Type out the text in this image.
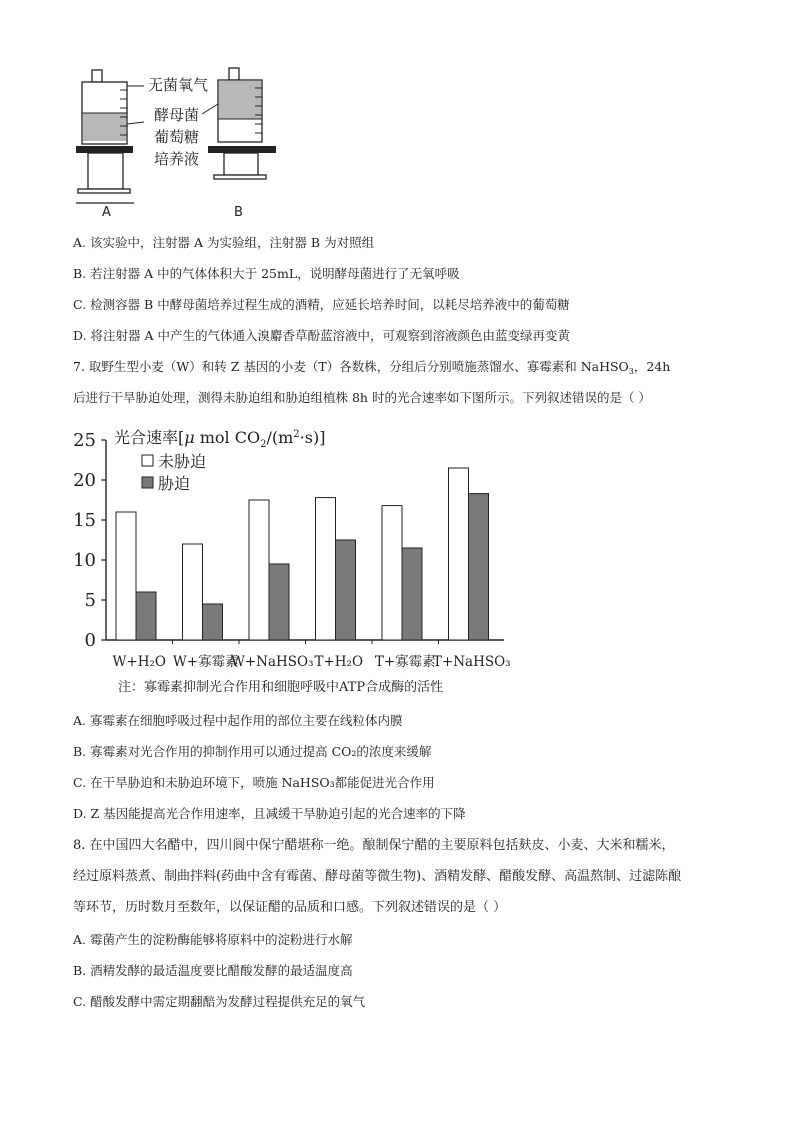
无菌氧气
酵母菌
葡萄糖
培养液
A	B
A. 该实验中，注射器 A 为实验组，注射器 B 为对照组
B. 若注射器 A 中的气体体积大于 25mL，说明酵母菌进行了无氧呼吸
C. 检测容器 B 中酵母菌培养过程生成的酒精，应延长培养时间，以耗尽培养液中的葡萄糖
D. 将注射器 A 中产生的气体通入溴麝香草酚蓝溶液中，可观察到溶液颜色由蓝变绿再变黄
7. 取野生型小麦（W）和转 Z 基因的小麦（T）各数株，分组后分别喷施蒸馏水、寡霉素和 NaHSO$_3$，24h
后进行干旱胁迫处理，测得未胁迫组和胁迫组植株 8h 时的光合速率如下图所示。下列叙述错误的是（ ）
0
5
10
15
20
25
W+H₂O W+寡霉素
W+NaHSO₃ T+H₂O T+寡霉素
T+NaHSO₃
光合速率[μ mol $CO_2/(m^2\cdot s)$]
未胁迫
胁迫
注：寡霉素抑制光合作用和细胞呼吸中ATP合成酶的活性
A. 寡霉素在细胞呼吸过程中起作用的部位主要在线粒体内膜
B. 寡霉素对光合作用的抑制作用可以通过提高 CO₂的浓度来缓解
C. 在干旱胁迫和未胁迫环境下，喷施 NaHSO₃都能促进光合作用
D. Z 基因能提高光合作用速率，且减缓干旱胁迫引起的光合速率的下降
8. 在中国四大名醋中，四川阆中保宁醋堪称一绝。酿制保宁醋的主要原料包括麸皮、小麦、大米和糯米，
经过原料蒸煮、制曲拌料(药曲中含有霉菌、酵母菌等微生物)、酒精发酵、醋酸发酵、高温熬制、过滤陈酿
等环节，历时数月至数年，以保证醋的品质和口感。下列叙述错误的是（ ）
A. 霉菌产生的淀粉酶能够将原料中的淀粉进行水解
B. 酒精发酵的最适温度要比醋酸发酵的最适温度高
C. 醋酸发酵中需定期翻醅为发酵过程提供充足的氧气
